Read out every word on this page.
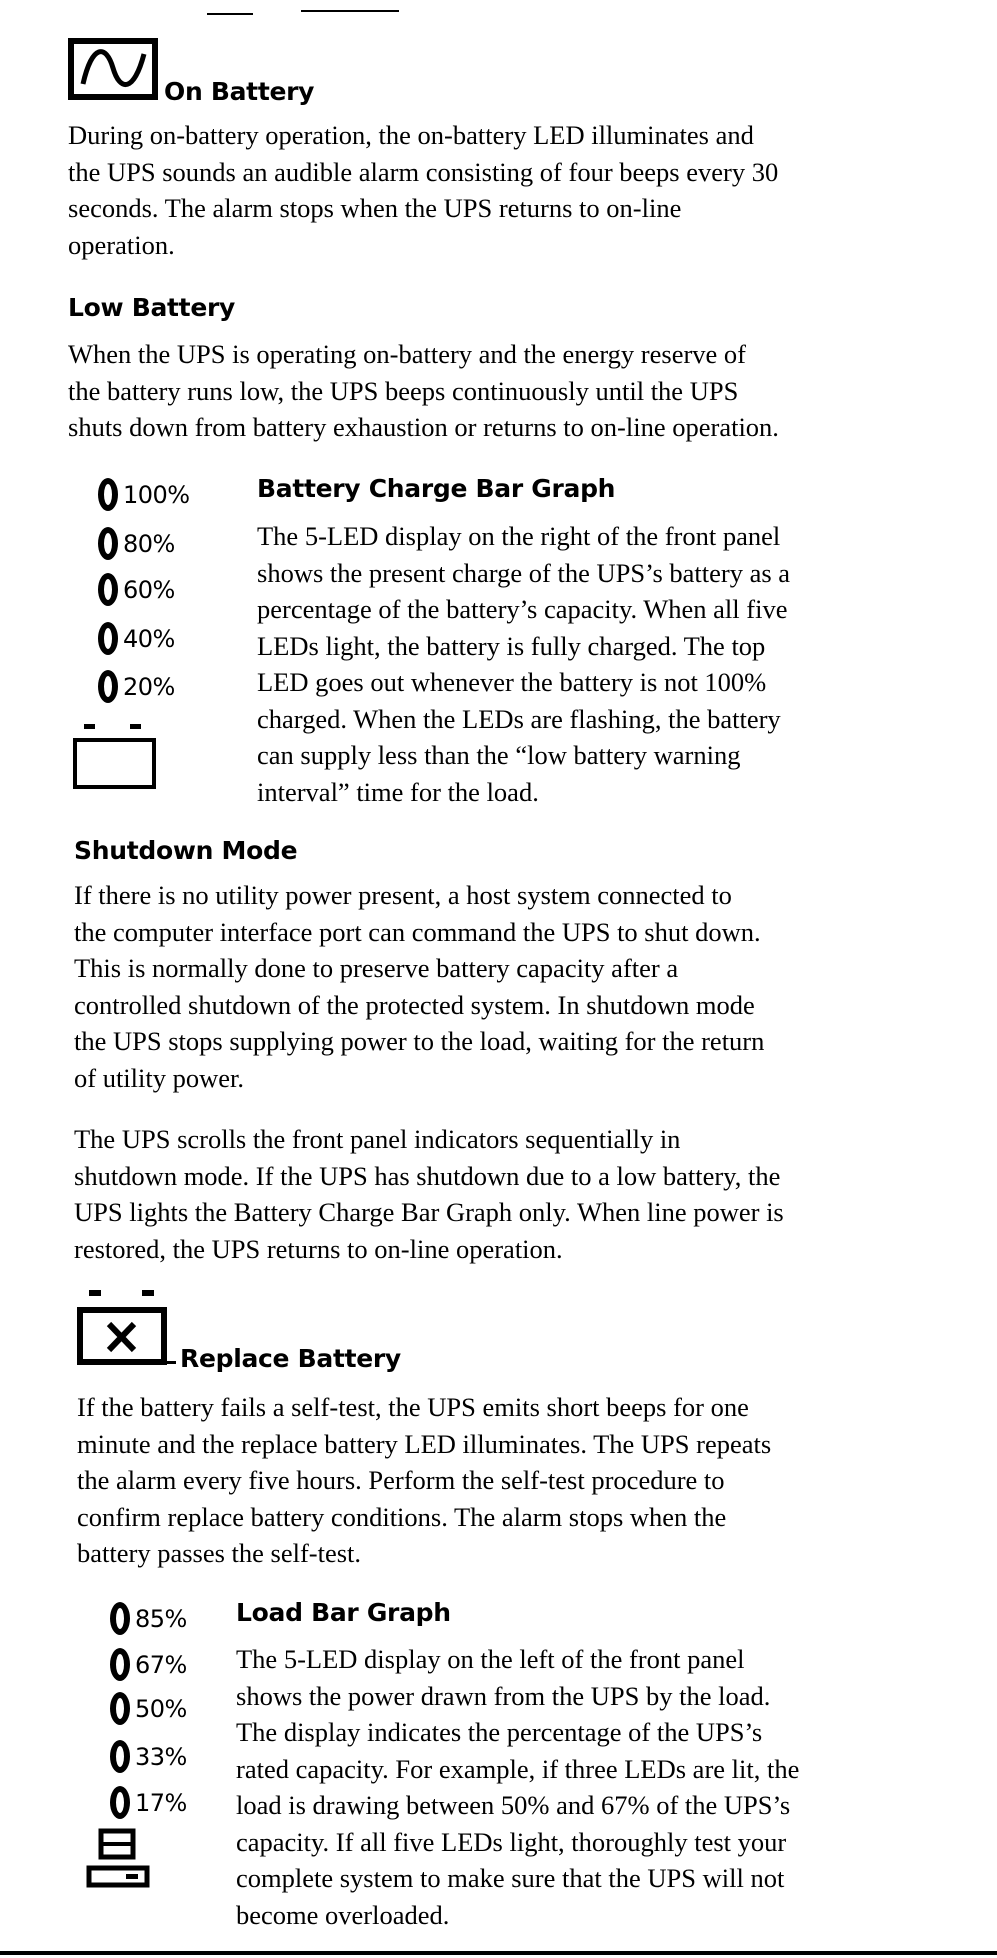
On Battery
During on-battery operation, the on-battery LED illuminates and
the UPS sounds an audible alarm consisting of four beeps every 30
seconds. The alarm stops when the UPS returns to on-line
operation.
Low Battery
When the UPS is operating on-battery and the energy reserve of
the battery runs low, the UPS beeps continuously until the UPS
shuts down from battery exhaustion or returns to on-line operation.
100%
80%
60%
40%
20%
Battery Charge Bar Graph
The 5-LED display on the right of the front panel
shows the present charge of the UPS’s battery as a
percentage of the battery’s capacity. When all five
LEDs light, the battery is fully charged. The top
LED goes out whenever the battery is not 100%
charged. When the LEDs are flashing, the battery
can supply less than the “low battery warning
interval” time for the load.
Shutdown Mode
If there is no utility power present, a host system connected to
the computer interface port can command the UPS to shut down.
This is normally done to preserve battery capacity after a
controlled shutdown of the protected system. In shutdown mode
the UPS stops supplying power to the load, waiting for the return
of utility power.
The UPS scrolls the front panel indicators sequentially in
shutdown mode. If the UPS has shutdown due to a low battery, the
UPS lights the Battery Charge Bar Graph only. When line power is
restored, the UPS returns to on-line operation.
Replace Battery
If the battery fails a self-test, the UPS emits short beeps for one
minute and the replace battery LED illuminates. The UPS repeats
the alarm every five hours. Perform the self-test procedure to
confirm replace battery conditions. The alarm stops when the
battery passes the self-test.
85%
67%
50%
33%
17%
Load Bar Graph
The 5-LED display on the left of the front panel
shows the power drawn from the UPS by the load.
The display indicates the percentage of the UPS’s
rated capacity. For example, if three LEDs are lit, the
load is drawing between 50% and 67% of the UPS’s
capacity. If all five LEDs light, thoroughly test your
complete system to make sure that the UPS will not
become overloaded.
